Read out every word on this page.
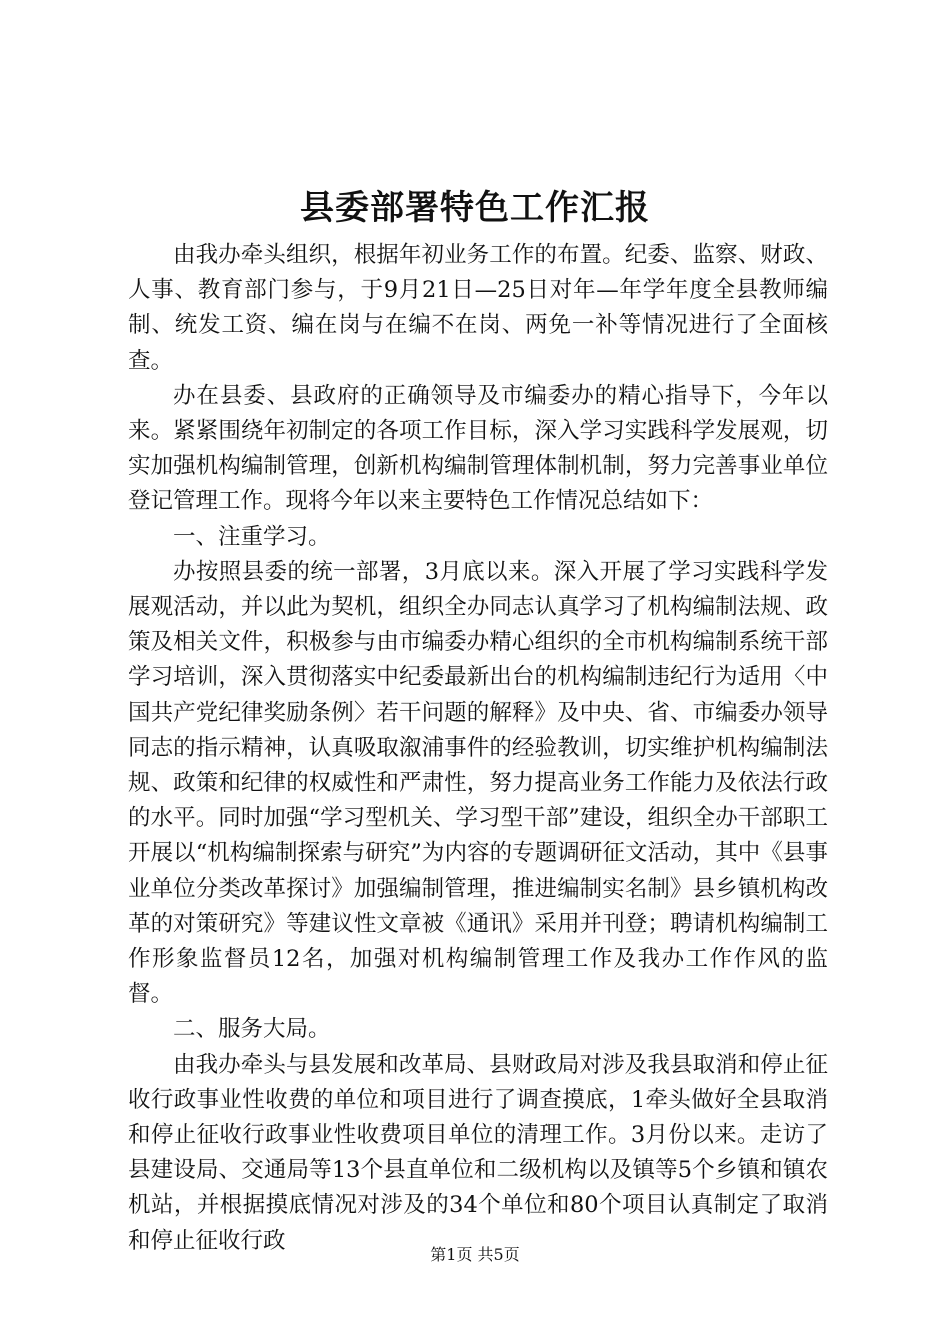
县委部署特色工作汇报

由我办牵头组织，根据年初业务工作的布置。纪委、监察、财政、人事、教育部门参与，于9月21日—25日对年—年学年度全县教师编制、统发工资、编在岗与在编不在岗、两免一补等情况进行了全面核查。

办在县委、县政府的正确领导及市编委办的精心指导下，今年以来。紧紧围绕年初制定的各项工作目标，深入学习实践科学发展观，切实加强机构编制管理，创新机构编制管理体制机制，努力完善事业单位登记管理工作。现将今年以来主要特色工作情况总结如下：

一、注重学习。

办按照县委的统一部署，3月底以来。深入开展了学习实践科学发展观活动，并以此为契机，组织全办同志认真学习了机构编制法规、政策及相关文件，积极参与由市编委办精心组织的全市机构编制系统干部学习培训，深入贯彻落实中纪委最新出台的机构编制违纪行为适用〈中国共产党纪律奖励条例〉若干问题的解释》及中央、省、市编委办领导同志的指示精神，认真吸取溆浦事件的经验教训，切实维护机构编制法规、政策和纪律的权威性和严肃性，努力提高业务工作能力及依法行政的水平。同时加强“学习型机关、学习型干部”建设，组织全办干部职工开展以“机构编制探索与研究”为内容的专题调研征文活动，其中《县事业单位分类改革探讨》加强编制管理，推进编制实名制》县乡镇机构改革的对策研究》等建议性文章被《通讯》采用并刊登；聘请机构编制工作形象监督员12名，加强对机构编制管理工作及我办工作作风的监督。

二、服务大局。

由我办牵头与县发展和改革局、县财政局对涉及我县取消和停止征收行政事业性收费的单位和项目进行了调查摸底，1牵头做好全县取消和停止征收行政事业性收费项目单位的清理工作。3月份以来。走访了县建设局、交通局等13个县直单位和二级机构以及镇等5个乡镇和镇农机站，并根据摸底情况对涉及的34个单位和80个项目认真制定了取消和停止征收行政

第1页 共5页
